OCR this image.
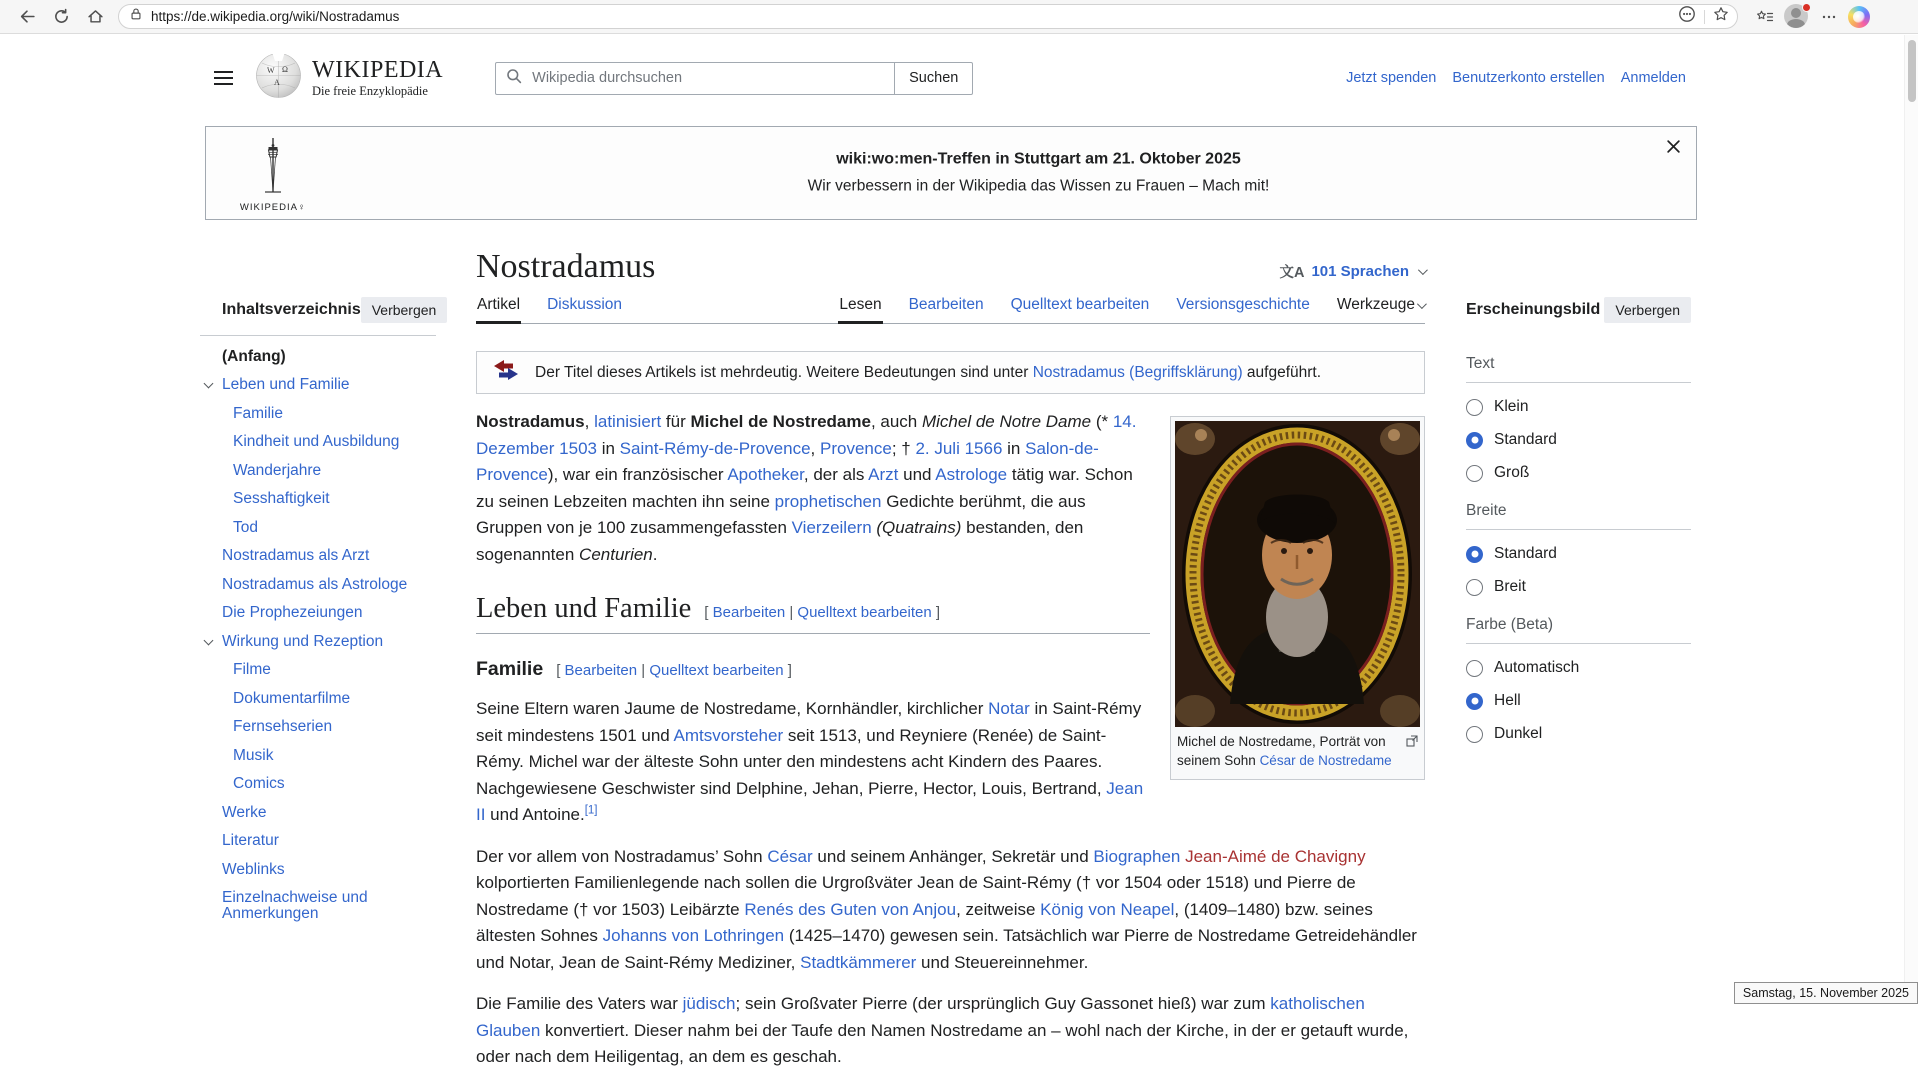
https://de.wikipedia.org/wiki/Nostradamus
W Ω
A WIKIPEDIA
Die freie Enzyklopädie
Wikipedia durchsuchen
Suchen	Jetzt spenden Benutzerkonto erstellen Anmelden
WIKIPEDIA♀
wiki:wo:men-Treffen in Stuttgart am 21. Oktober 2025
Wir verbessern in der Wikipedia das Wissen zu Frauen – Mach mit!
Inhaltsverzeichnis Verbergen
(Anfang)
Leben und Familie
Familie
Kindheit und Ausbildung
Wanderjahre
Sesshaftigkeit
Tod
Nostradamus als Arzt
Nostradamus als Astrologe
Die Prophezeiungen
Wirkung und Rezeption
Filme
Dokumentarfilme
Fernsehserien
Musik
Comics
Werke
Literatur
Weblinks
Einzelnachweise und Anmerkungen
Nostradamus	文A 101 Sprachen
Artikel Diskussion	Lesen Bearbeiten Quelltext bearbeiten Versionsgeschichte Werkzeuge
Der Titel dieses Artikels ist mehrdeutig. Weitere Bedeutungen sind unter Nostradamus (Begriffsklärung) aufgeführt.
Michel de Nostredame, Porträt von seinem Sohn César de Nostredame

Nostradamus, latinisiert für Michel de Nostredame, auch Michel de Notre Dame (* 14. Dezember 1503 in Saint-Rémy-de-Provence, Provence; † 2. Juli 1566 in Salon-de-Provence), war ein französischer Apotheker, der als Arzt und Astrologe tätig war. Schon zu seinen Lebzeiten machten ihn seine prophetischen Gedichte berühmt, die aus Gruppen von je 100 zusammengefassten Vierzeilern (Quatrains) bestanden, den sogenannten Centurien.

Leben und Familie [ Bearbeiten | Quelltext bearbeiten ]
Familie [ Bearbeiten | Quelltext bearbeiten ]

Seine Eltern waren Jaume de Nostredame, Kornhändler, kirchlicher Notar in Saint-Rémy seit mindestens 1501 und Amtsvorsteher seit 1513, und Reyniere (Renée) de Saint-Rémy. Michel war der älteste Sohn unter den mindestens acht Kindern des Paares. Nachgewiesene Geschwister sind Delphine, Jehan, Pierre, Hector, Louis, Bertrand, Jean II und Antoine.[1]

Der vor allem von Nostradamus’ Sohn César und seinem Anhänger, Sekretär und Biographen Jean-Aimé de Chavigny kolportierten Familienlegende nach sollen die Urgroßväter Jean de Saint-Rémy († vor 1504 oder 1518) und Pierre de Nostredame († vor 1503) Leibärzte Renés des Guten von Anjou, zeitweise König von Neapel, (1409–1480) bzw. seines ältesten Sohnes Johanns von Lothringen (1425–1470) gewesen sein. Tatsächlich war Pierre de Nostredame Getreidehändler und Notar, Jean de Saint-Rémy Mediziner, Stadtkämmerer und Steuereinnehmer.

Die Familie des Vaters war jüdisch; sein Großvater Pierre (der ursprünglich Guy Gassonet hieß) war zum katholischen Glauben konvertiert. Dieser nahm bei der Taufe den Namen Nostredame an – wohl nach der Kirche, in der er getauft wurde, oder nach dem Heiligentag, an dem es geschah.

Erscheinungsbild	Verbergen
Text
Klein
Standard
Groß
Breite
Standard
Breit
Farbe (Beta)
Automatisch
Hell
Dunkel
Samstag, 15. November 2025
